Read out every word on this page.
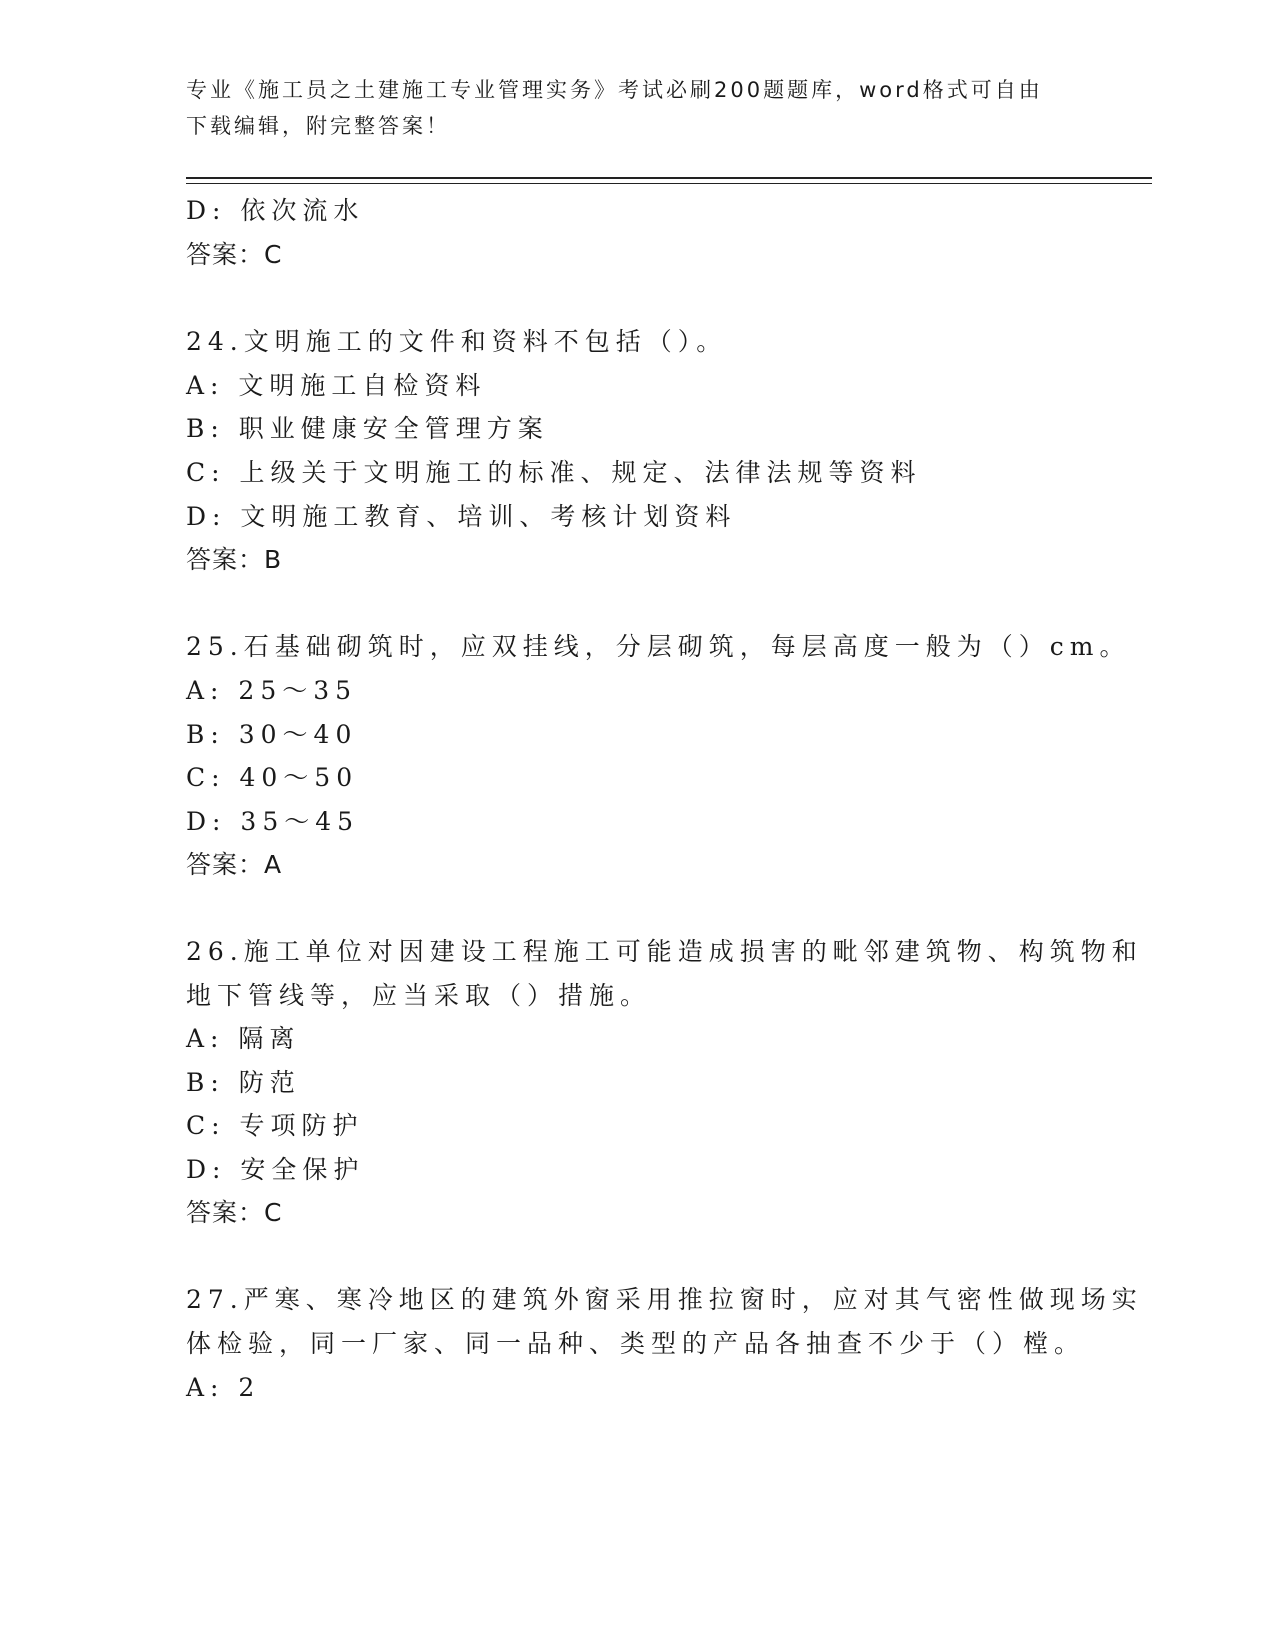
专业《施工员之土建施工专业管理实务》考试必刷200题题库，word格式可自由
下载编辑，附完整答案！
D: 依次流水
答案：C
24.文明施工的文件和资料不包括（）。
A: 文明施工自检资料
B: 职业健康安全管理方案
C: 上级关于文明施工的标准、规定、法律法规等资料
D: 文明施工教育、培训、考核计划资料
答案：B
25.石基础砌筑时，应双挂线，分层砌筑，每层高度一般为（）cm。
A: 25～35
B: 30～40
C: 40～50
D: 35～45
答案：A
26.施工单位对因建设工程施工可能造成损害的毗邻建筑物、构筑物和
地下管线等，应当采取（）措施。
A: 隔离
B: 防范
C: 专项防护
D: 安全保护
答案：C
27.严寒、寒冷地区的建筑外窗采用推拉窗时，应对其气密性做现场实
体检验，同一厂家、同一品种、类型的产品各抽查不少于（）樘。
A: 2
